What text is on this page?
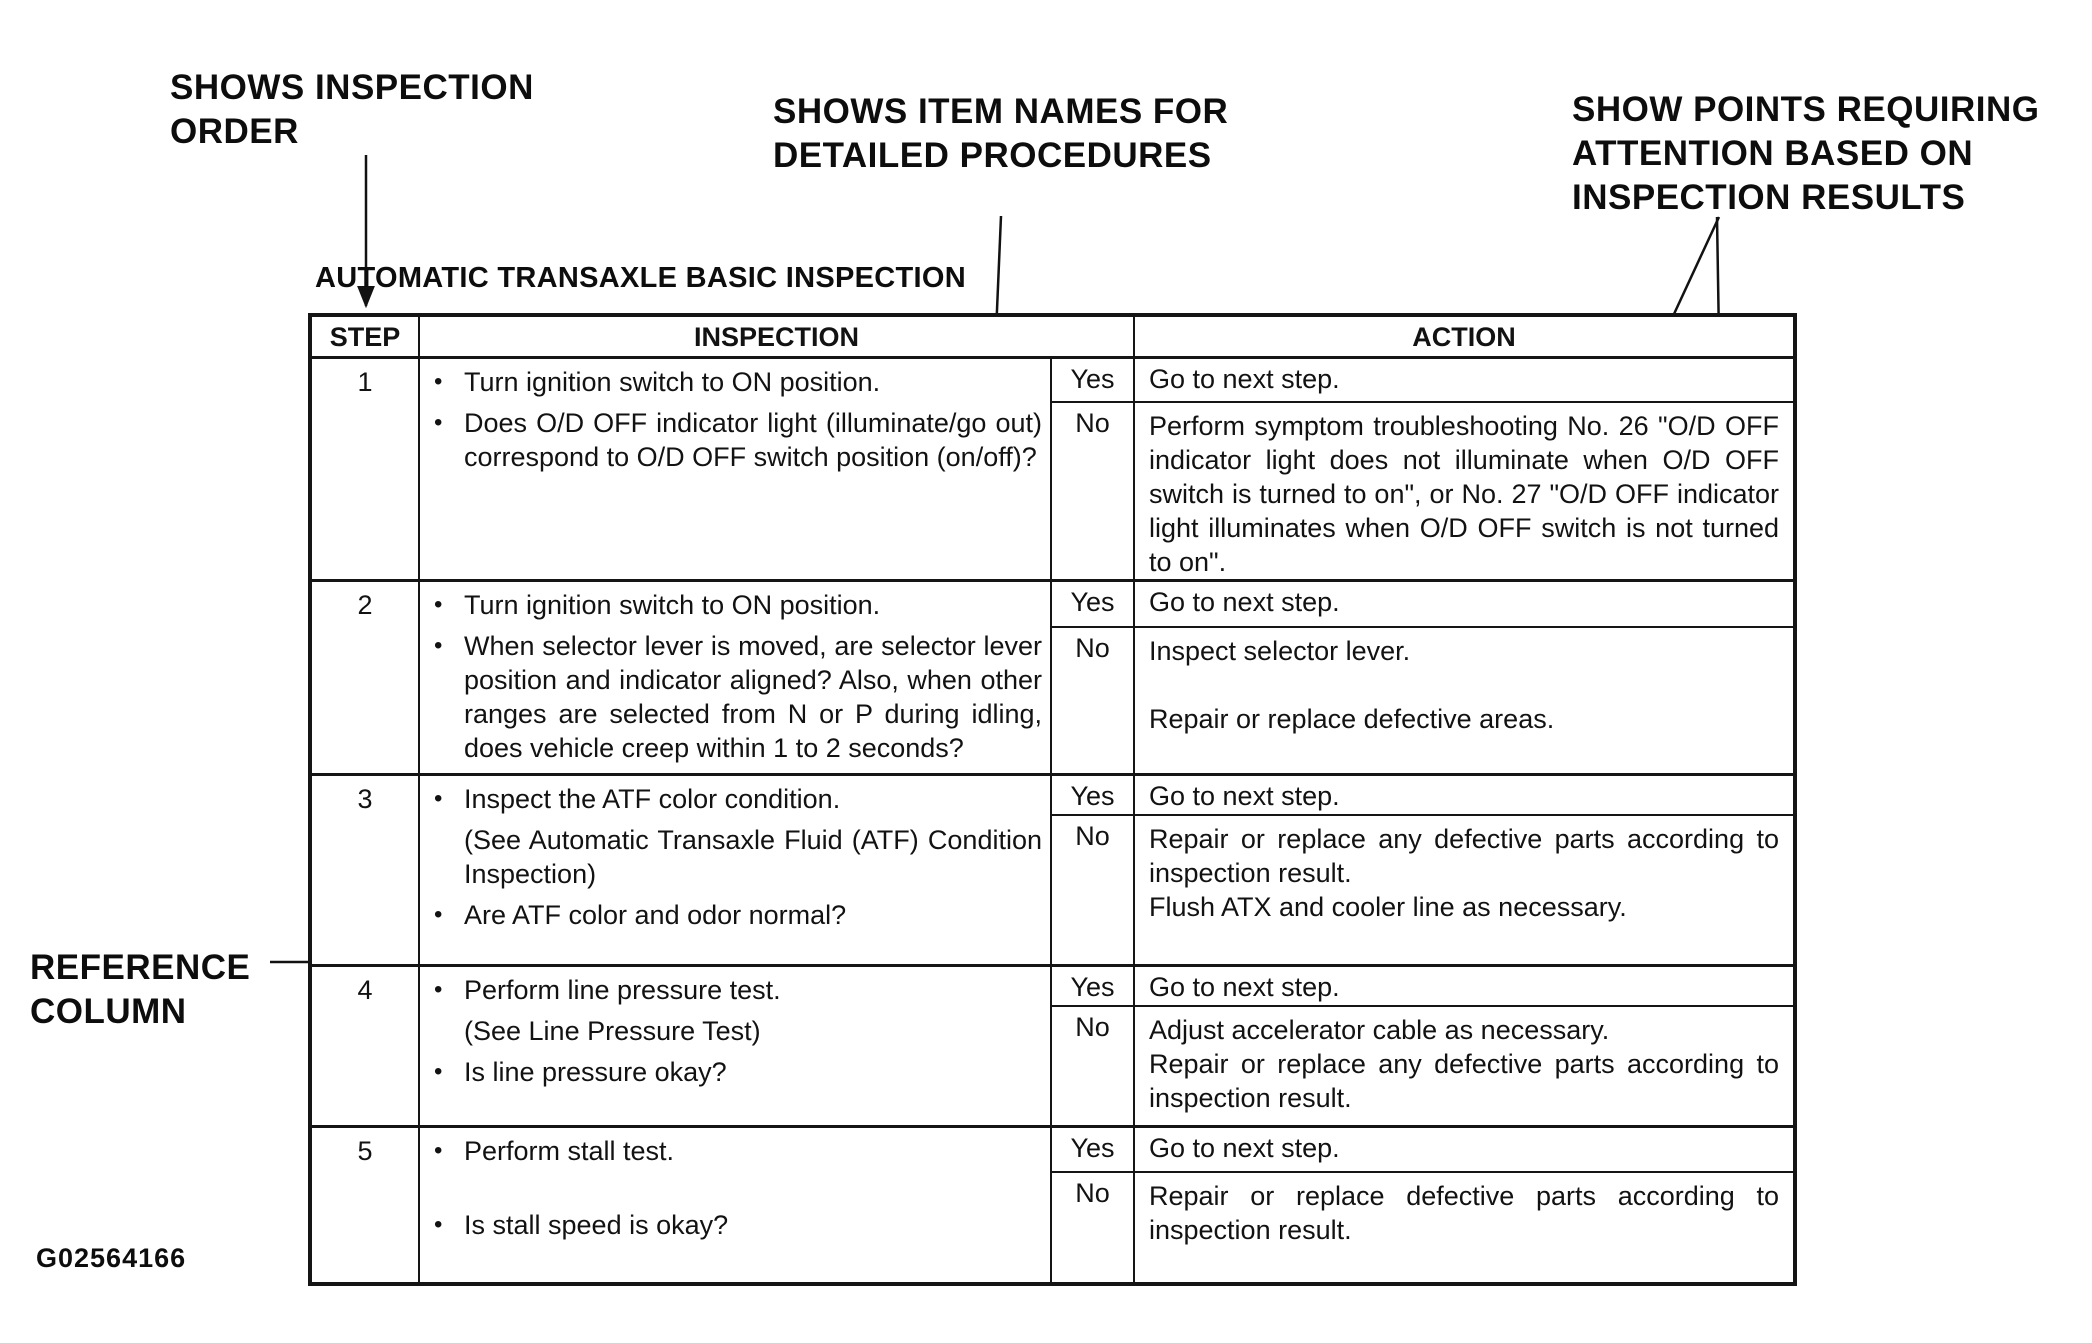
SHOWS INSPECTION
ORDER
SHOWS ITEM NAMES FOR
DETAILED PROCEDURES
SHOW POINTS REQUIRING
ATTENTION BASED ON
INSPECTION RESULTS
REFERENCE
COLUMN
AUTOMATIC TRANSAXLE BASIC INSPECTION
STEP	INSPECTION	ACTION
1	• Turn ignition switch to ON position.
• Does O/D OFF indicator light (illuminate/go out) correspond to O/D OFF switch position (on/off)?
Yes	Go to next step.
No	Perform symptom troubleshooting No. 26 "O/D OFF indicator light does not illuminate when O/D OFF switch is turned to on", or No. 27 "O/D OFF indicator light illuminates when O/D OFF switch is not turned to on".
2	• Turn ignition switch to ON position.
• When selector lever is moved, are selector lever position and indicator aligned? Also, when other ranges are selected from N or P during idling, does vehicle creep within 1 to 2 seconds?
Yes	Go to next step.
No	Inspect selector lever.
Repair or replace defective areas.
3	• Inspect the ATF color condition.
(See Automatic Transaxle Fluid (ATF) Condition Inspection)
• Are ATF color and odor normal?
Yes	Go to next step.
No	Repair or replace any defective parts according to inspection result.
Flush ATX and cooler line as necessary.
4	• Perform line pressure test.
(See Line Pressure Test)
• Is line pressure okay?
Yes	Go to next step.
No	Adjust accelerator cable as necessary.
Repair or replace any defective parts according to inspection result.
5	• Perform stall test.
• Is stall speed is okay?
Yes	Go to next step.
No	Repair or replace defective parts according to inspection result.
G02564166
